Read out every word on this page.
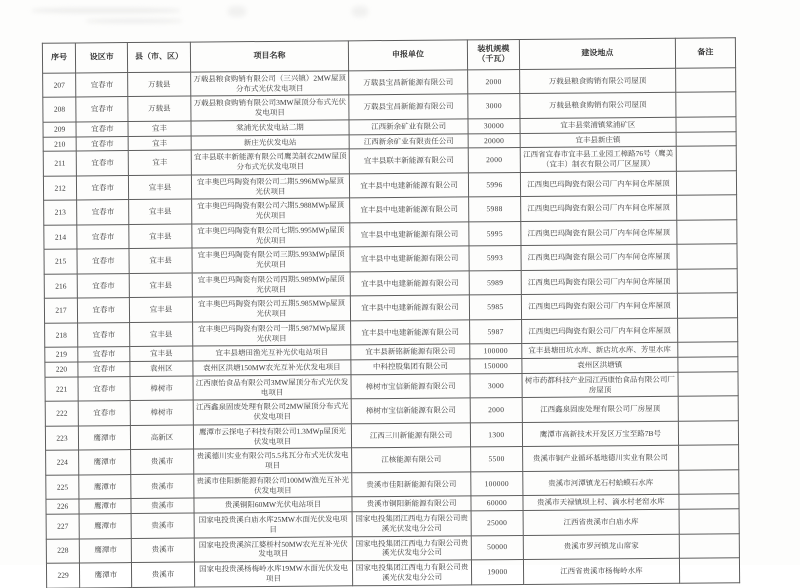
序号	设区市	县（市、区）	项目名称	申报单位	装机规模（千瓦）	建设地点	备注
207	宜春市	万载县	万载县粮食购销有限公司（三兴镇）2MW屋顶分布式光伏发电项目	万载县宝昌新能源有限公司	2000	万载县粮食购销有限公司屋顶	
208	宜春市	万载县	万载县粮食购销有限公司3MW屋顶分布式光伏发电项目	万载县宝昌新能源有限公司	3000	万载县粮食购销有限公司屋顶	
209	宜春市	宜丰	棠浦光伏发电站二期	江西新余矿业有限公司	30000	宜丰县棠浦镇棠浦矿区	
210	宜春市	宜丰	新庄光伏发电站	江西新余矿业有限责任公司	20000	宜丰县新庄镇	
211	宜春市	宜丰	宜丰县联丰新能源有限公司鹰美制衣2MW屋顶分布式光伏发电项目	宜丰县联丰新能源有限公司	2000	江西省宜春市宜丰县工业园工樟路76号（鹰美（宜丰）制衣有限公司厂区屋顶）	
212	宜春市	宜丰县	宜丰奥巴玛陶瓷有限公司二期5.996MWp屋顶光伏项目	宜丰县中电建新能源有限公司	5996	江西奥巴玛陶瓷有限公司厂内车间仓库屋顶	
213	宜春市	宜丰县	宜丰奥巴玛陶瓷有限公司六期5.988MWp屋顶光伏项目	宜丰县中电建新能源有限公司	5988	江西奥巴玛陶瓷有限公司厂内车间仓库屋顶	
214	宜春市	宜丰县	宜丰奥巴玛陶瓷有限公司七期5.995MWp屋顶光伏项目	宜丰县中电建新能源有限公司	5995	江西奥巴玛陶瓷有限公司厂内车间仓库屋顶	
215	宜春市	宜丰县	宜丰奥巴玛陶瓷有限公司三期5.993MWp屋顶光伏项目	宜丰县中电建新能源有限公司	5993	江西奥巴玛陶瓷有限公司厂内车间仓库屋顶	
216	宜春市	宜丰县	宜丰奥巴玛陶瓷有限公司四期5.989MWp屋顶光伏项目	宜丰县中电建新能源有限公司	5989	江西奥巴玛陶瓷有限公司厂内车间仓库屋顶	
217	宜春市	宜丰县	宜丰奥巴玛陶瓷有限公司五期5.985MWp屋顶光伏项目	宜丰县中电建新能源有限公司	5985	江西奥巴玛陶瓷有限公司厂内车间仓库屋顶	
218	宜春市	宜丰县	宜丰奥巴玛陶瓷有限公司一期5.987MWp屋顶光伏项目	宜丰县中电建新能源有限公司	5987	江西奥巴玛陶瓷有限公司厂内车间仓库屋顶	
219	宜春市	宜丰县	宜丰县塘田渔光互补光伏电站项目	宜丰县新铭新能源有限公司	100000	宜丰县塘田坑水库、新店坑水库、芳里水库	
220	宜春市	袁州区	袁州区洪塘150MW农光互补光伏发电项目	中科控股集团有限公司	150000	袁州区洪塘镇	
221	宜春市	樟树市	江西康怡食品有限公司3MW屋顶分布式光伏发电项目	樟树市宝信新能源有限公司	3000	树市药都科技产业园江西康怡食品有限公司厂房屋顶	
222	宜春市	樟树市	江西鑫泉固废处理有限公司2MW屋顶分布式光伏发电项目	樟树市宝信新能源有限公司	2000	江西鑫泉固废处理有限公司厂房屋顶	
223	鹰潭市	高新区	鹰潭市云探电子科技有限公司1.3MWp屋顶光伏发电项目	江西三川新能源有限公司	1300	鹰潭市高新技术开发区万宝至路7B号	
224	鹰潭市	贵溪市	贵溪德川实业有限公司5.5兆瓦分布式光伏发电项目	江核能源有限公司	5500	贵溪市铜产业循环基地德川实业有限公司	
225	鹰潭市	贵溪市	贵溪市佳阳新能源有限公司100MW渔光互补光伏发电项目	贵溪市佳阳新能源有限公司	100000	贵溪市河潭镇龙石村蛤蟆石水库	
226	鹰潭市	贵溪市	贵溪铜阳60MW光伏电站项目	贵溪市铜阳新能源有限公司	60000	贵溪市天禄镇坝上村、滴水村老窑水库	
227	鹰潭市	贵溪市	国家电投贵溪白庙水库25MW水面光伏发电项目	国家电投集团江西电力有限公司贵溪光伏发电分公司	25000	江西省贵溪市白庙水库	
228	鹰潭市	贵溪市	国家电投贵溪滨江婆桥村50MW农光互补光伏发电项目	国家电投集团江西电力有限公司贵溪光伏发电分公司	50000	贵溪市罗河镇龙山席家	
229	鹰潭市	贵溪市	国家电投贵溪杨梅岭水库19MW水面光伏发电项目	国家电投集团江西电力有限公司贵溪光伏发电分公司	19000	江西省贵溪市杨梅岭水库	
